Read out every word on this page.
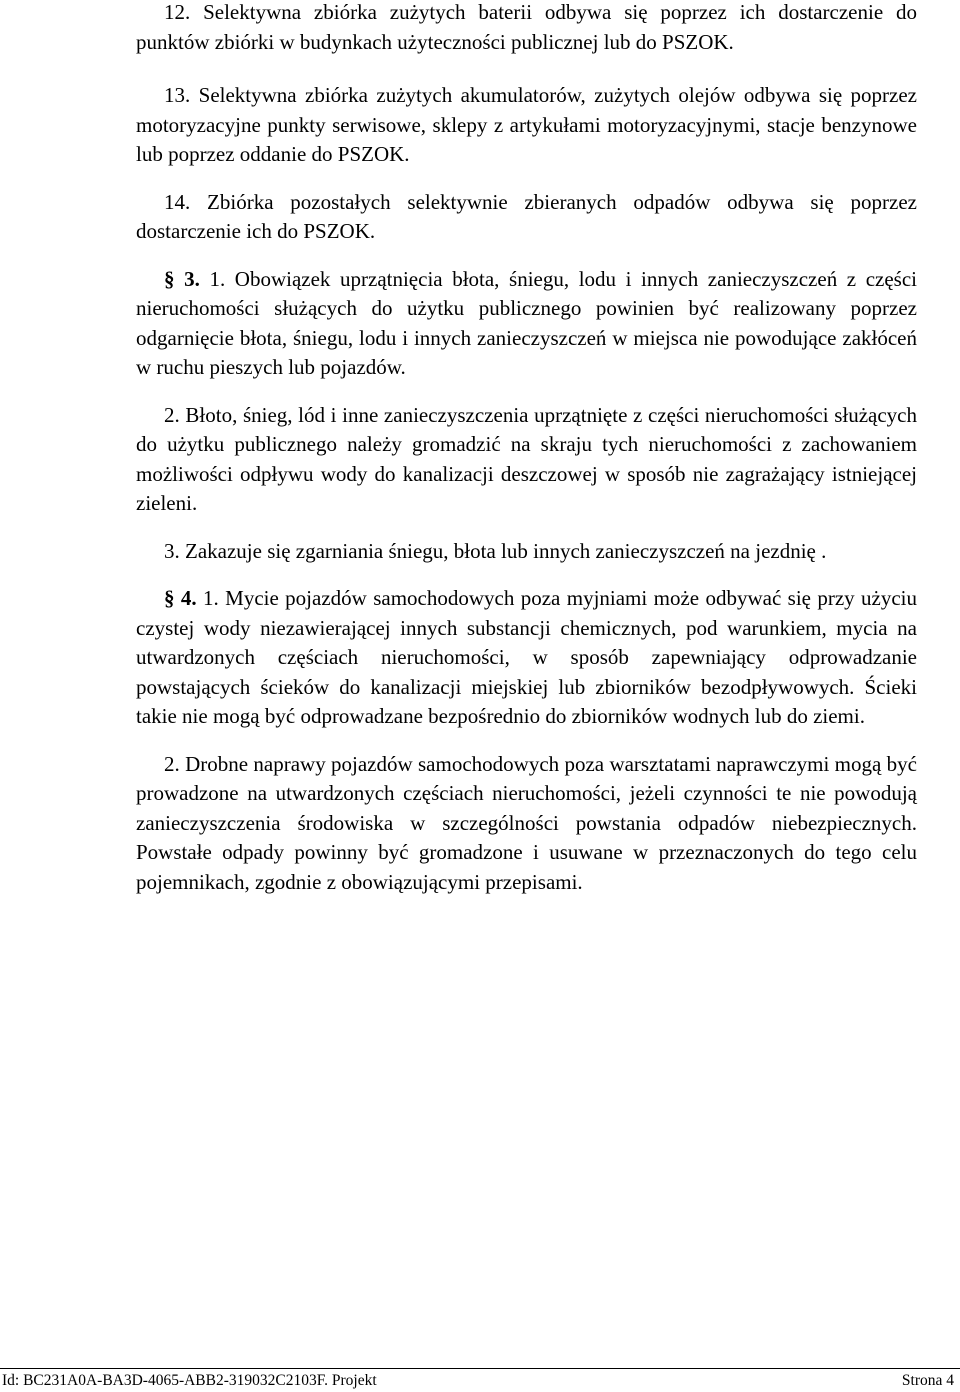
12. Selektywna zbiórka zużytych baterii odbywa się poprzez ich dostarczenie do punktów zbiórki w budynkach użyteczności publicznej lub do PSZOK.

13. Selektywna zbiórka zużytych akumulatorów, zużytych olejów odbywa się poprzez motoryzacyjne punkty serwisowe, sklepy z artykułami motoryzacyjnymi, stacje benzynowe lub poprzez oddanie do PSZOK.

14. Zbiórka pozostałych selektywnie zbieranych odpadów odbywa się poprzez dostarczenie ich do PSZOK.

§ 3. 1. Obowiązek uprzątnięcia błota, śniegu, lodu i innych zanieczyszczeń z części nieruchomości służących do użytku publicznego powinien być realizowany poprzez odgarnięcie błota, śniegu, lodu i innych zanieczyszczeń w miejsca nie powodujące zakłóceń w ruchu pieszych lub pojazdów.

2. Błoto, śnieg, lód i inne zanieczyszczenia uprzątnięte z części nieruchomości służących do użytku publicznego należy gromadzić na skraju tych nieruchomości z zachowaniem możliwości odpływu wody do kanalizacji deszczowej w sposób nie zagrażający istniejącej zieleni.

3. Zakazuje się zgarniania śniegu, błota lub innych zanieczyszczeń na jezdnię .

§ 4. 1. Mycie pojazdów samochodowych poza myjniami może odbywać się przy użyciu czystej wody niezawierającej innych substancji chemicznych, pod warunkiem, mycia na utwardzonych częściach nieruchomości, w sposób zapewniający odprowadzanie powstających ścieków do kanalizacji miejskiej lub zbiorników bezodpływowych. Ścieki takie nie mogą być odprowadzane bezpośrednio do zbiorników wodnych lub do ziemi.

2. Drobne naprawy pojazdów samochodowych poza warsztatami naprawczymi mogą być prowadzone na utwardzonych częściach nieruchomości, jeżeli czynności te nie powodują zanieczyszczenia środowiska w szczególności powstania odpadów niebezpiecznych. Powstałe odpady powinny być gromadzone i usuwane w przeznaczonych do tego celu pojemnikach, zgodnie z obowiązującymi przepisami.

Id: BC231A0A-BA3D-4065-ABB2-319032C2103F. Projekt	Strona 4
